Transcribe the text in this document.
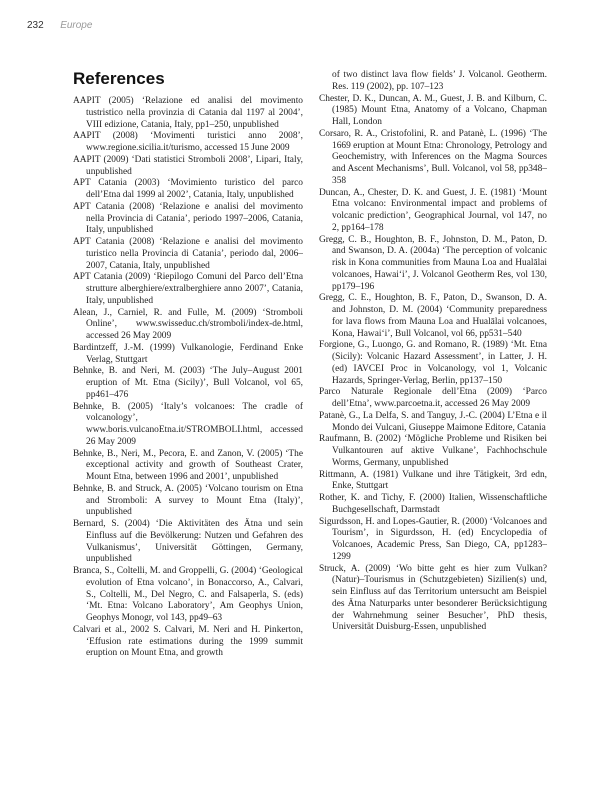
232 Europe
References

AAPIT (2005) ‘Relazione ed analisi del movimento tustristico nella provinzia di Catania dal 1197 al 2004’, VIII edizione, Catania, Italy, pp1–250, unpublished

AAPIT (2008) ‘Movimenti turistici anno 2008’, www.regione.sicilia.it/turismo, accessed 15 June 2009

AAPIT (2009) ‘Dati statistici Stromboli 2008’, Lipari, Italy, unpublished

APT Catania (2003) ‘Movimiento turistico del parco dell’Etna dal 1999 al 2002’, Catania, Italy, unpublished

APT Catania (2008) ‘Relazione e analisi del movimento nella Provincia di Catania’, periodo 1997–2006, Catania, Italy, unpublished

APT Catania (2008) ‘Relazione e analisi del movimento turistico nella Provincia di Catania’, periodo dal, 2006–2007, Catania, Italy, unpublished

APT Catania (2009) ‘Riepilogo Comuni del Parco dell’Etna strutture alberghiere/extralberghiere anno 2007’, Catania, Italy, unpublished

Alean, J., Carniel, R. and Fulle, M. (2009) ‘Stromboli Online’, www.swisseduc.ch/stromboli/index-de.html, accessed 26 May 2009

Bardintzeff, J.-M. (1999) Vulkanologie, Ferdinand Enke Verlag, Stuttgart

Behnke, B. and Neri, M. (2003) ‘The July–August 2001 eruption of Mt. Etna (Sicily)’, Bull Volcanol, vol 65, pp461–476

Behnke, B. (2005) ‘Italy’s volcanoes: The cradle of volcanology’, www.boris.vulcanoEtna.it/STROMBOLI.html, accessed 26 May 2009

Behnke, B., Neri, M., Pecora, E. and Zanon, V. (2005) ‘The exceptional activity and growth of Southeast Crater, Mount Etna, between 1996 and 2001’, unpublished

Behnke, B. and Struck, A. (2005) ‘Volcano tourism on Etna and Stromboli: A survey to Mount Etna (Italy)’, unpublished

Bernard, S. (2004) ‘Die Aktivitäten des Ätna und sein Einfluss auf die Bevölkerung: Nutzen und Gefahren des Vulkanismus’, Universität Göttingen, Germany, unpublished

Branca, S., Coltelli, M. and Groppelli, G. (2004) ‘Geological evolution of Etna volcano’, in Bonaccorso, A., Calvari, S., Coltelli, M., Del Negro, C. and Falsaperla, S. (eds) ‘Mt. Etna: Volcano Laboratory’, Am Geophys Union, Geophys Monogr, vol 143, pp49–63

Calvari et al., 2002 S. Calvari, M. Neri and H. Pinkerton, ‘Effusion rate estimations during the 1999 summit eruption on Mount Etna, and growth

of two distinct lava flow fields’ J. Volcanol. Geotherm. Res. 119 (2002), pp. 107–123

Chester, D. K., Duncan, A. M., Guest, J. B. and Kilburn, C. (1985) Mount Etna, Anatomy of a Volcano, Chapman Hall, London

Corsaro, R. A., Cristofolini, R. and Patanè, L. (1996) ‘The 1669 eruption at Mount Etna: Chronology, Petrology and Geochemistry, with Inferences on the Magma Sources and Ascent Mechanisms’, Bull. Volcanol, vol 58, pp348–358

Duncan, A., Chester, D. K. and Guest, J. E. (1981) ‘Mount Etna volcano: Environmental impact and problems of volcanic prediction’, Geographical Journal, vol 147, no 2, pp164–178

Gregg, C. B., Houghton, B. F., Johnston, D. M., Paton, D. and Swanson, D. A. (2004a) ‘The perception of volcanic risk in Kona communities from Mauna Loa and Hualālai volcanoes, Hawai‘i’, J. Volcanol Geotherm Res, vol 130, pp179–196

Gregg, C. E., Houghton, B. F., Paton, D., Swanson, D. A. and Johnston, D. M. (2004) ‘Community preparedness for lava flows from Mauna Loa and Hualālai volcanoes, Kona, Hawai‘i’, Bull Volcanol, vol 66, pp531–540

Forgione, G., Luongo, G. and Romano, R. (1989) ‘Mt. Etna (Sicily): Volcanic Hazard Assessment’, in Latter, J. H. (ed) IAVCEI Proc in Volcanology, vol 1, Volcanic Hazards, Springer-Verlag, Berlin, pp137–150

Parco Naturale Regionale dell’Etna (2009) ‘Parco dell’Etna’, www.parcoetna.it, accessed 26 May 2009

Patanè, G., La Delfa, S. and Tanguy, J.-C. (2004) L’Etna e il Mondo dei Vulcani, Giuseppe Maimone Editore, Catania

Raufmann, B. (2002) ‘Mögliche Probleme und Risiken bei Vulkantouren auf aktive Vulkane’, Fachhochschule Worms, Germany, unpublished

Rittmann, A. (1981) Vulkane und ihre Tätigkeit, 3rd edn, Enke, Stuttgart

Rother, K. and Tichy, F. (2000) Italien, Wissenschaftliche Buchgesellschaft, Darmstadt

Sigurdsson, H. and Lopes-Gautier, R. (2000) ‘Volcanoes and Tourism’, in Sigurdsson, H. (ed) Encyclopedia of Volcanoes, Academic Press, San Diego, CA, pp1283–1299

Struck, A. (2009) ‘Wo bitte geht es hier zum Vulkan? (Natur)–Tourismus in (Schutzgebieten) Sizilien(s) und, sein Einfluss auf das Territorium untersucht am Beispiel des Ätna Naturparks unter besonderer Berücksichtigung der Wahrnehmung seiner Besucher’, PhD thesis, Universität Duisburg-Essen, unpublished
